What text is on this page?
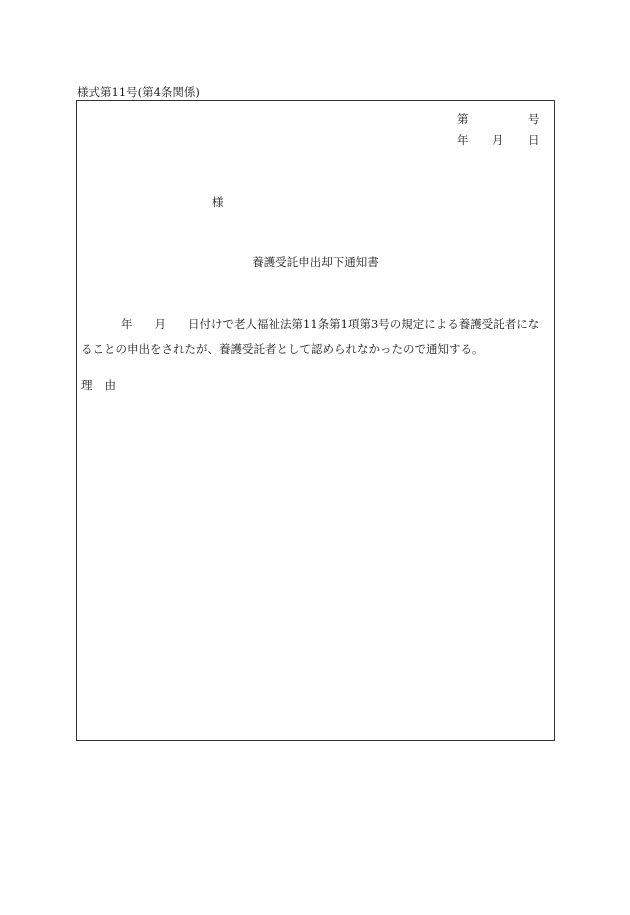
様式第11号(第4条関係)
第	号
年 月 日
様
養護受託申出却下通知書
年 月 日付けで老人福祉法第11条第1項第3号の規定による養護受託者にな
ることの申出をされたが、養護受託者として認められなかったので通知する。
理 由
